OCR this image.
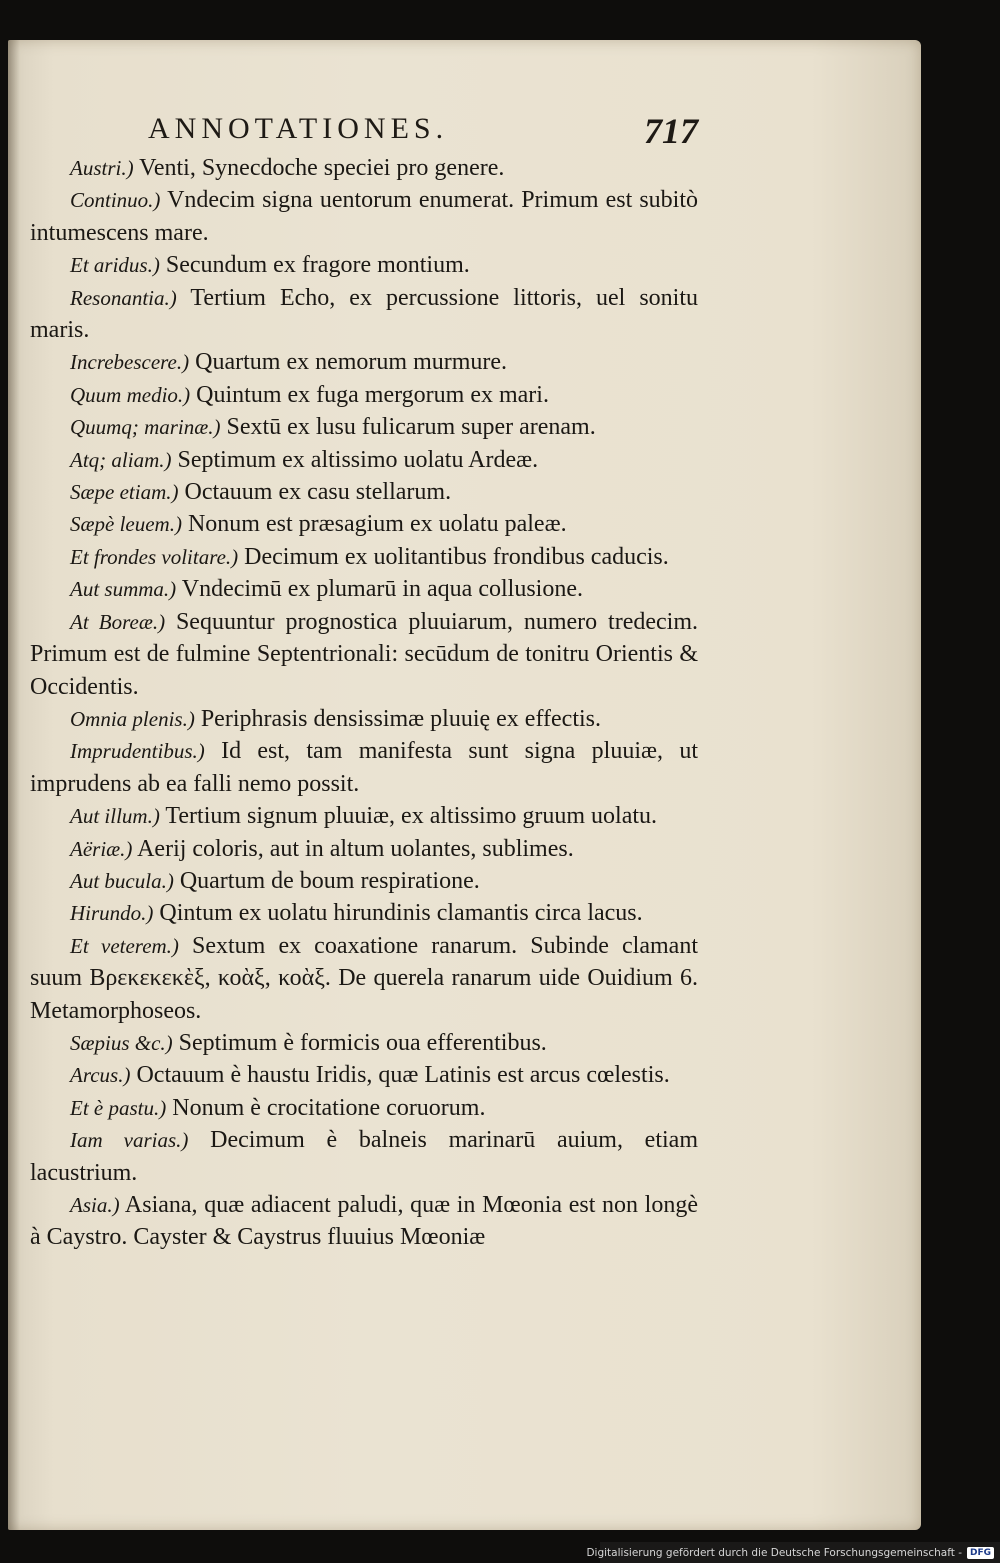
ANNOTATIONES.	717

Austri.) Venti, Synecdoche speciei pro genere.

Continuo.) Vndecim signa uentorum enumerat. Primum est subitò intumescens mare.

Et aridus.) Secundum ex fragore montium.

Resonantia.) Tertium Echo, ex percussione littoris, uel sonitu maris.

Increbescere.) Quartum ex nemorum murmure.

Quum medio.) Quintum ex fuga mergorum ex mari.

Quumq; marinæ.) Sextū ex lusu fulicarum super arenam.

Atq; aliam.) Septimum ex altissimo uolatu Ardeæ.

Sæpe etiam.) Octauum ex casu stellarum.

Sæpè leuem.) Nonum est præsagium ex uolatu paleæ.

Et frondes volitare.) Decimum ex uolitantibus frondibus caducis.

Aut summa.) Vndecimū ex plumarū in aqua collusione.

At Boreæ.) Sequuntur prognostica pluuiarum, numero tredecim. Primum est de fulmine Septentrionali: secūdum de tonitru Orientis & Occidentis.

Omnia plenis.) Periphrasis densissimæ pluuię ex effectis.

Imprudentibus.) Id est, tam manifesta sunt signa pluuiæ, ut imprudens ab ea falli nemo possit.

Aut illum.) Tertium signum pluuiæ, ex altissimo gruum uolatu.

Aëriæ.) Aerij coloris, aut in altum uolantes, sublimes.

Aut bucula.) Quartum de boum respiratione.

Hirundo.) Qintum ex uolatu hirundinis clamantis circa lacus.

Et veterem.) Sextum ex coaxatione ranarum. Subinde clamant suum Βρεκεκεκὲξ, κοὰξ, κοὰξ. De querela ranarum uide Ouidium 6. Metamorphoseos.

Sæpius &c.) Septimum è formicis oua efferentibus.

Arcus.) Octauum è haustu Iridis, quæ Latinis est arcus cœlestis.

Et è pastu.) Nonum è crocitatione coruorum.

Iam varias.) Decimum è balneis marinarū auium, etiam lacustrium.

Asia.) Asiana, quæ adiacent paludi, quæ in Mœonia est non longè à Caystro. Cayster & Caystrus fluuius Mœoniæ

Digitalisierung gefördert durch die Deutsche Forschungsgemeinschaft - DFG
